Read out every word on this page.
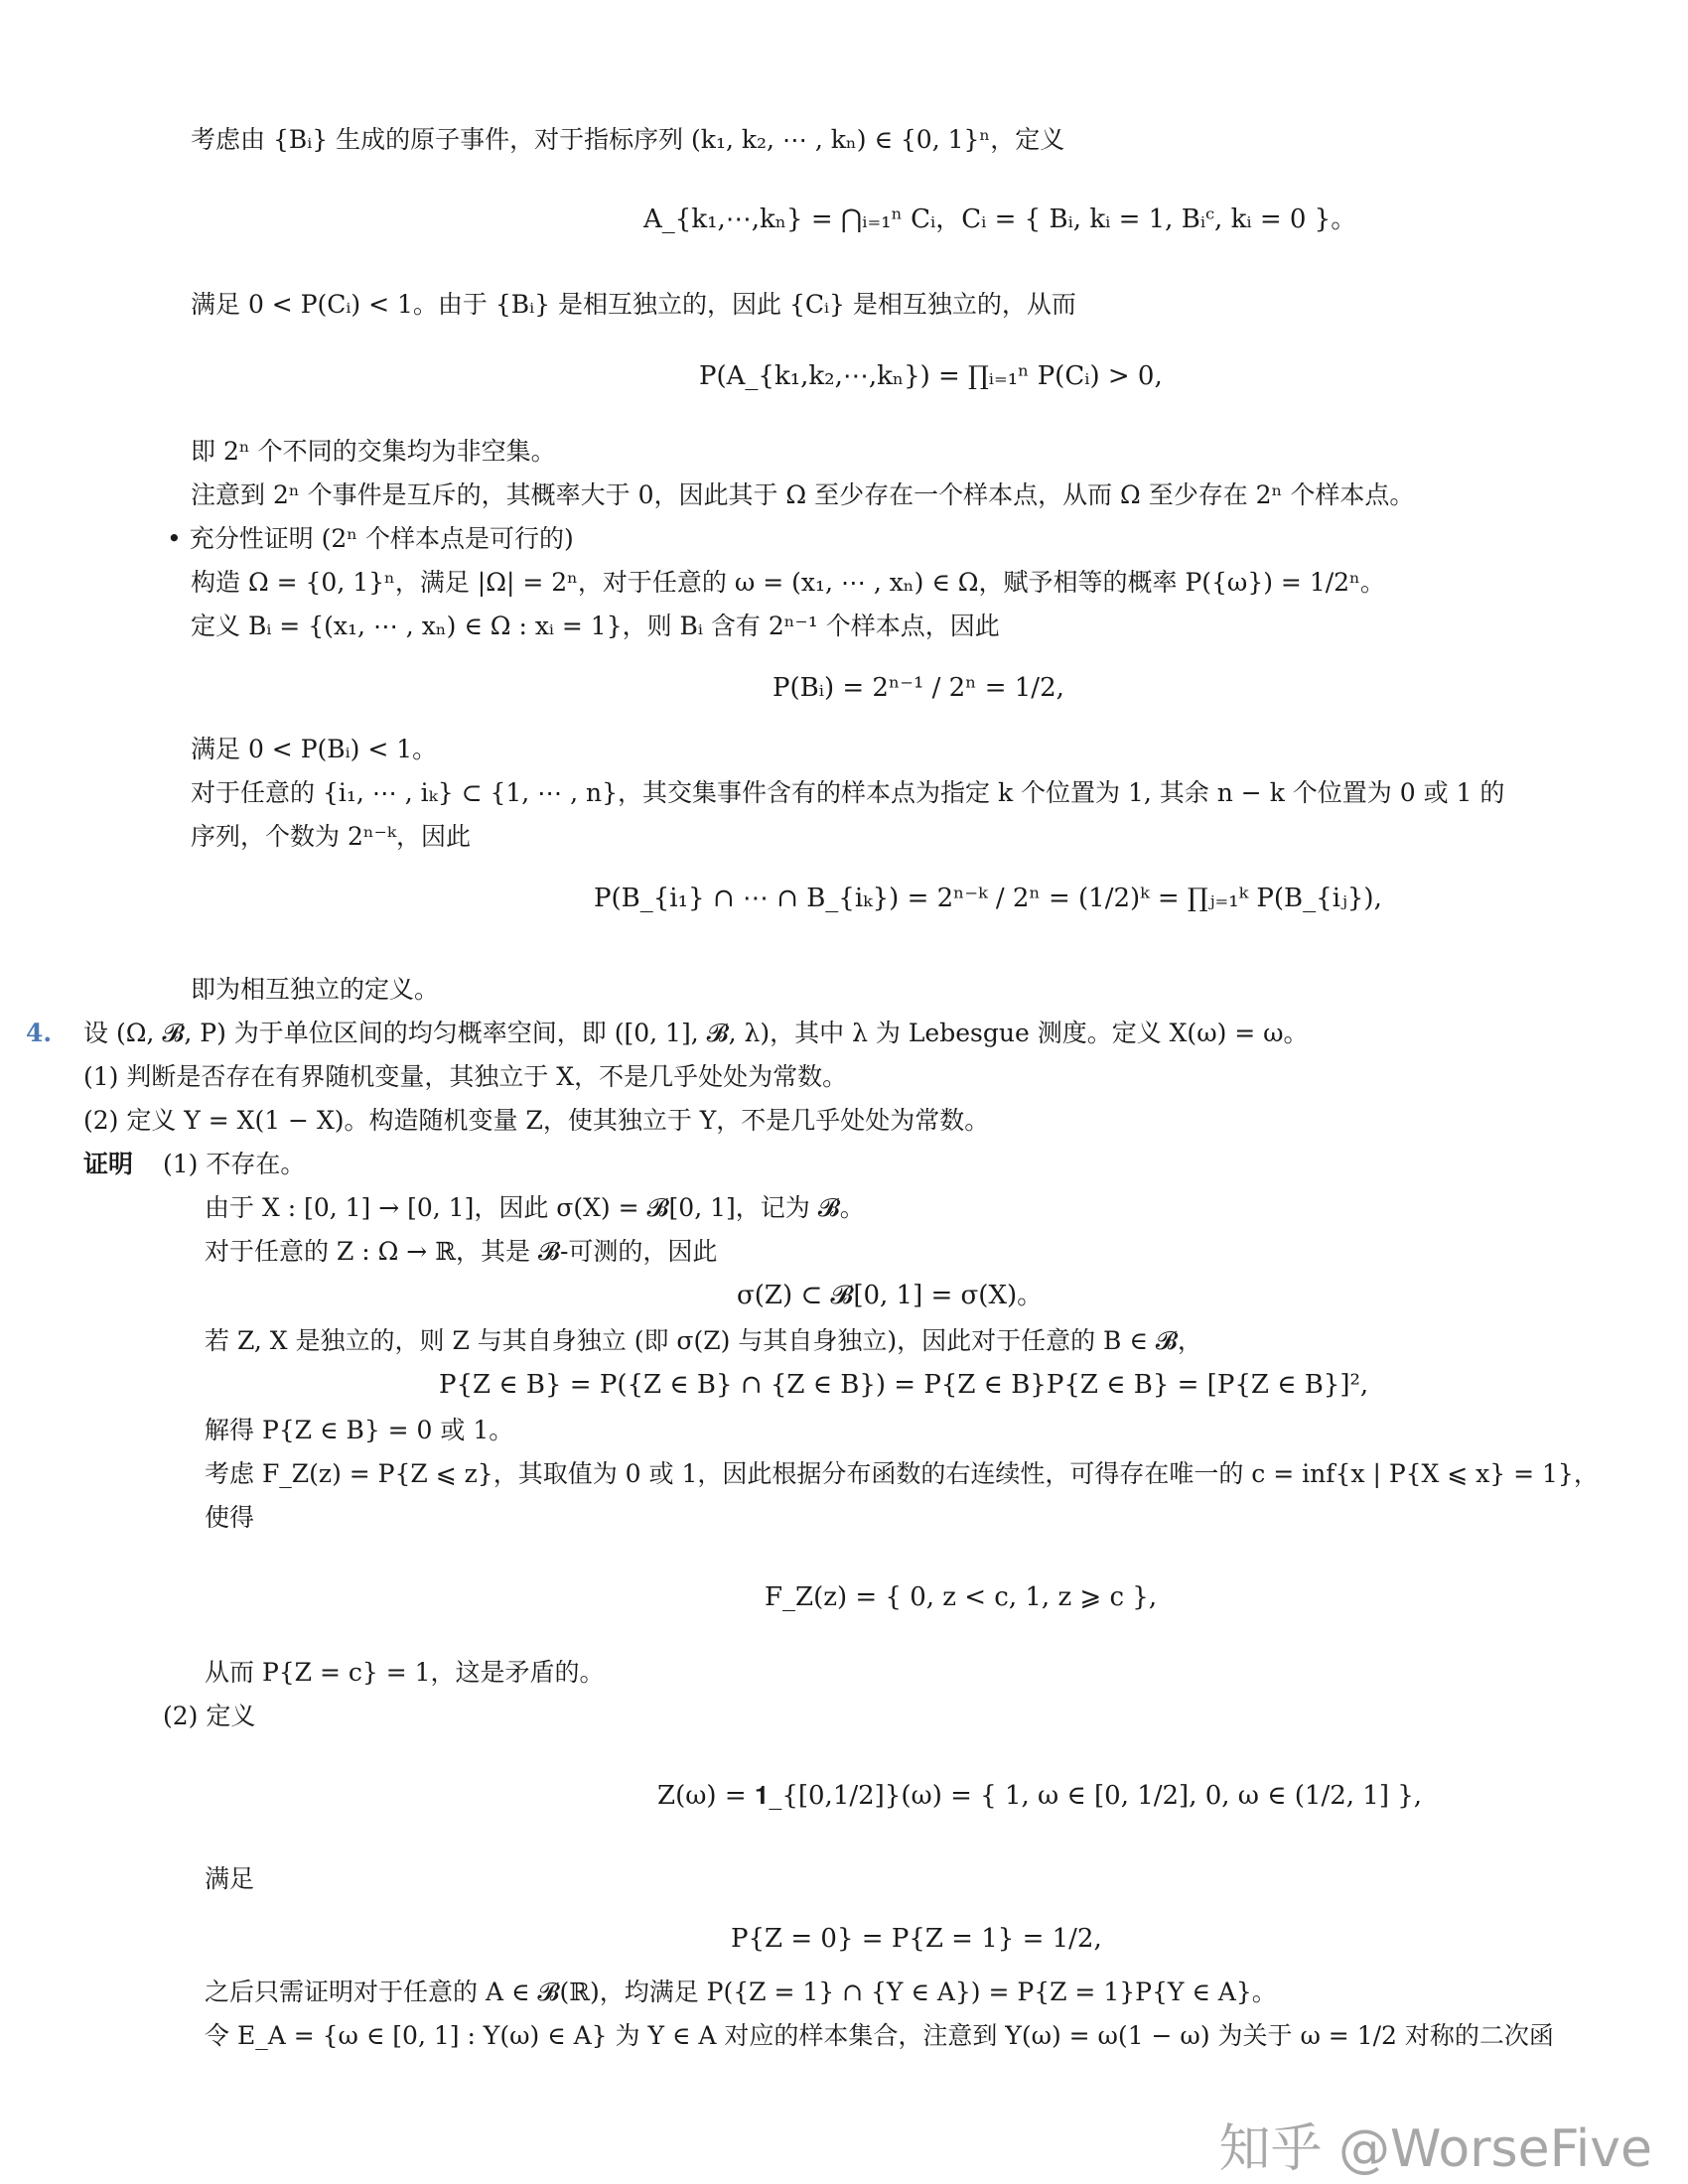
考虑由 {Bᵢ} 生成的原子事件，对于指标序列 (k₁, k₂, ⋯ , kₙ) ∈ {0, 1}ⁿ，定义
满足 0 < P(Cᵢ) < 1。由于 {Bᵢ} 是相互独立的，因此 {Cᵢ} 是相互独立的，从而
即 2ⁿ 个不同的交集均为非空集。
注意到 2ⁿ 个事件是互斥的，其概率大于 0，因此其于 Ω 至少存在一个样本点，从而 Ω 至少存在 2ⁿ 个样本点。
• 充分性证明 (2ⁿ 个样本点是可行的)
构造 Ω = {0, 1}ⁿ，满足 |Ω| = 2ⁿ，对于任意的 ω = (x₁, ⋯ , xₙ) ∈ Ω，赋予相等的概率 P({ω}) = 1/2ⁿ。
定义 Bᵢ = {(x₁, ⋯ , xₙ) ∈ Ω : xᵢ = 1}，则 Bᵢ 含有 2ⁿ⁻¹ 个样本点，因此
满足 0 < P(Bᵢ) < 1。
对于任意的 {i₁, ⋯ , iₖ} ⊂ {1, ⋯ , n}，其交集事件含有的样本点为指定 k 个位置为 1, 其余 n − k 个位置为 0 或 1 的
序列，个数为 2ⁿ⁻ᵏ，因此
即为相互独立的定义。
设 (Ω, 𝓑, P) 为于单位区间的均匀概率空间，即 ([0, 1], 𝓑, λ)，其中 λ 为 Lebesgue 测度。定义 X(ω) = ω。
(1) 判断是否存在有界随机变量，其独立于 X，不是几乎处处为常数。
(2) 定义 Y = X(1 − X)。构造随机变量 Z，使其独立于 Y，不是几乎处处为常数。
(1) 不存在。
由于 X : [0, 1] → [0, 1]，因此 σ(X) = 𝓑[0, 1]，记为 𝓑。
对于任意的 Z : Ω → ℝ，其是 𝓑-可测的，因此
若 Z, X 是独立的，则 Z 与其自身独立 (即 σ(Z) 与其自身独立)，因此对于任意的 B ∈ 𝓑，
解得 P{Z ∈ B} = 0 或 1。
考虑 F_Z(z) = P{Z ⩽ z}，其取值为 0 或 1，因此根据分布函数的右连续性，可得存在唯一的 c = inf{x | P{X ⩽ x} = 1}，
使得
从而 P{Z = c} = 1，这是矛盾的。
(2) 定义
满足
之后只需证明对于任意的 A ∈ 𝓑(ℝ)，均满足 P({Z = 1} ∩ {Y ∈ A}) = P{Z = 1}P{Y ∈ A}。
令 E_A = {ω ∈ [0, 1] : Y(ω) ∈ A} 为 Y ∈ A 对应的样本集合，注意到 Y(ω) = ω(1 − ω) 为关于 ω = 1/2 对称的二次函
A_{k₁,⋯,kₙ} = ⋂ᵢ₌₁ⁿ Cᵢ，Cᵢ = { Bᵢ, kᵢ = 1, Bᵢᶜ, kᵢ = 0 }。
P(A_{k₁,k₂,⋯,kₙ}) = ∏ᵢ₌₁ⁿ P(Cᵢ) > 0,
P(Bᵢ) = 2ⁿ⁻¹ / 2ⁿ = 1/2,
P(B_{i₁} ∩ ⋯ ∩ B_{iₖ}) = 2ⁿ⁻ᵏ / 2ⁿ = (1/2)ᵏ = ∏ⱼ₌₁ᵏ P(B_{iⱼ}),
σ(Z) ⊂ 𝓑[0, 1] = σ(X)。
P{Z ∈ B} = P({Z ∈ B} ∩ {Z ∈ B}) = P{Z ∈ B}P{Z ∈ B} = [P{Z ∈ B}]²,
F_Z(z) = { 0, z < c, 1, z ⩾ c },
Z(ω) = 𝟏_{[0,1/2]}(ω) = { 1, ω ∈ [0, 1/2], 0, ω ∈ (1/2, 1] },
P{Z = 0} = P{Z = 1} = 1/2,
4.
证明
知乎 @WorseFive
